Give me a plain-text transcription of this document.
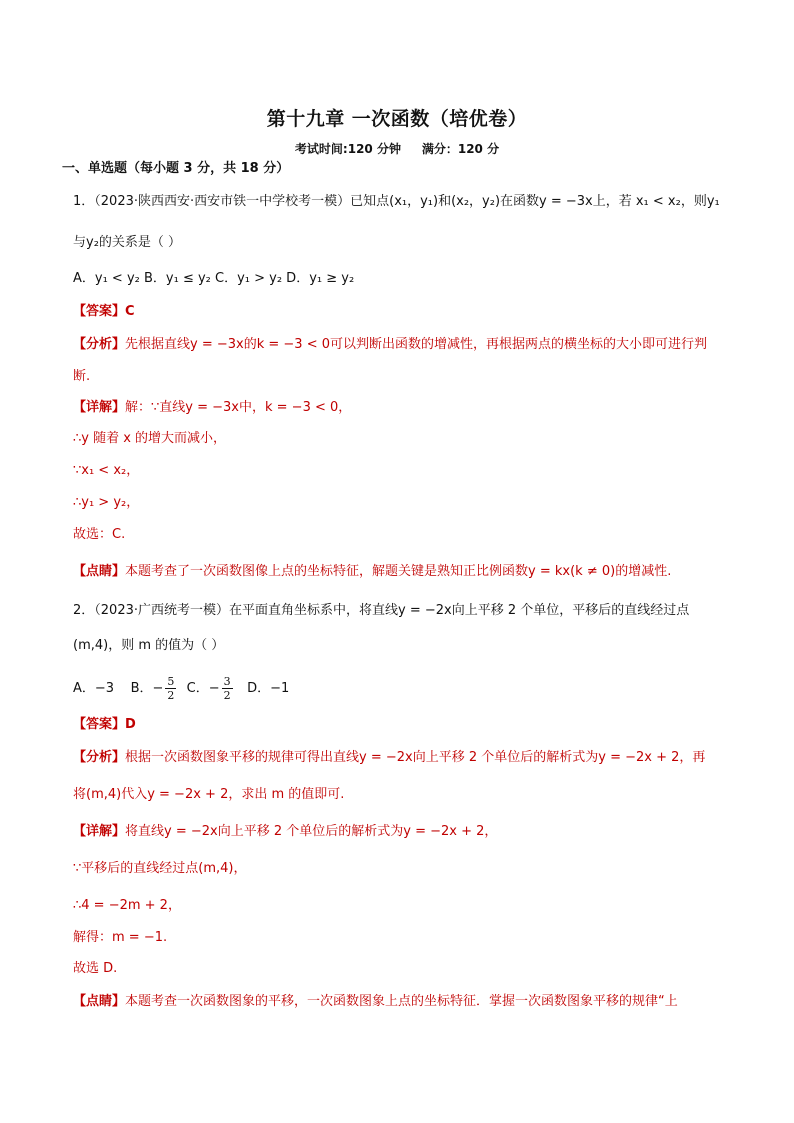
第十九章 一次函数（培优卷）
考试时间:120 分钟 满分：120 分
一、单选题（每小题 3 分，共 18 分）
1．（2023·陕西西安·西安市铁一中学校考一模）已知点(x₁，y₁)和(x₂，y₂)在函数y = −3x上，若 x₁ < x₂，则y₁
与y₂的关系是（ ）
A．y₁ < y₂ B．y₁ ≤ y₂ C．y₁ > y₂ D．y₁ ≥ y₂
【答案】C
【分析】先根据直线y = −3x的k = −3 < 0可以判断出函数的增减性，再根据两点的横坐标的大小即可进行判
断.
【详解】解：∵直线y = −3x中，k = −3 < 0，
∴y 随着 x 的增大而减小，
∵x₁ < x₂，
∴y₁ > y₂，
故选：C.
【点睛】本题考查了一次函数图像上点的坐标特征，解题关键是熟知正比例函数y = kx(k ≠ 0)的增减性.
2．（2023·广西统考一模）在平面直角坐标系中，将直线y = −2x向上平移 2 个单位，平移后的直线经过点
(m,4)，则 m 的值为（ ）
A．−3 B．− $\frac{5}{2}$ C．− $\frac{3}{2}$ D．−1
【答案】D
【分析】根据一次函数图象平移的规律可得出直线y = −2x向上平移 2 个单位后的解析式为y = −2x + 2，再
将(m,4)代入y = −2x + 2，求出 m 的值即可.
【详解】将直线y = −2x向上平移 2 个单位后的解析式为y = −2x + 2，
∵平移后的直线经过点(m,4)，
∴4 = −2m + 2，
解得：m = −1.
故选 D.
【点睛】本题考查一次函数图象的平移，一次函数图象上点的坐标特征．掌握一次函数图象平移的规律“上
